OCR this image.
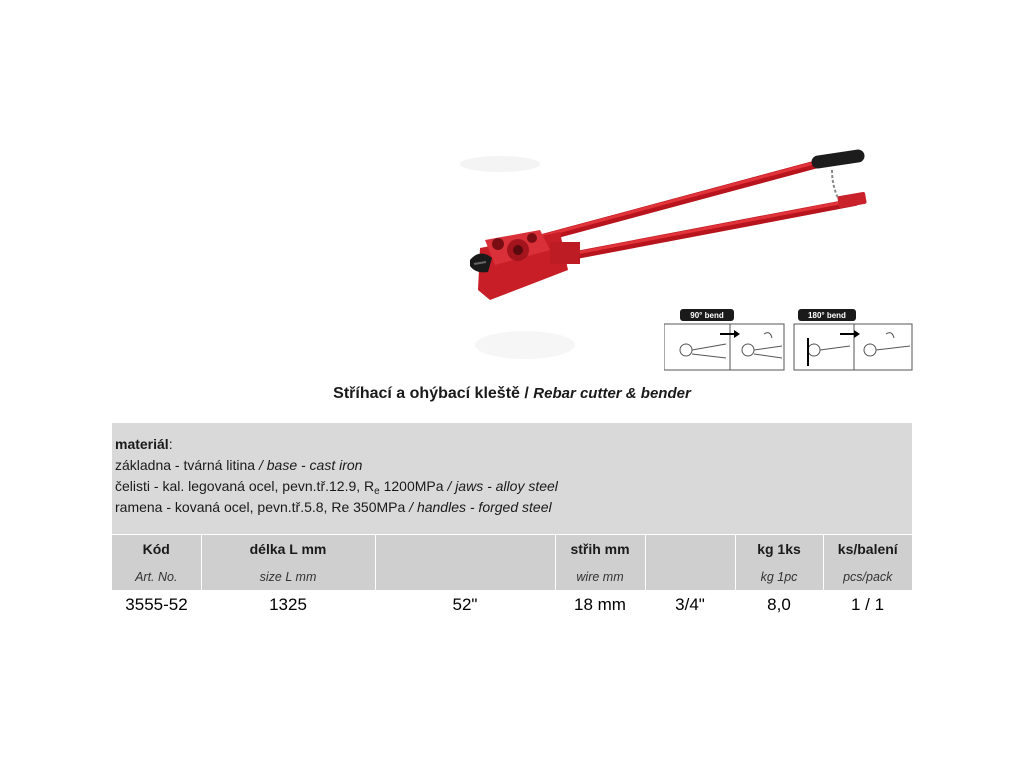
90° bend	180° bend
Stříhací a ohýbací kleště / Rebar cutter & bender
materiál:
základna - tvárná litina / base - cast iron
čelisti - kal. legovaná ocel, pevn.tř.12.9, $R_e$ 1200MPa / jaws - alloy steel
ramena - kovaná ocel, pevn.tř.5.8, Re 350MPa / handles - forged steel
Kód	délka L mm		střih mm		kg 1ks	ks/balení
Art. No.	size L mm		wire mm		kg 1pc	pcs/pack
3555-52	1325	52"	18 mm	3/4"	8,0	1 / 1
